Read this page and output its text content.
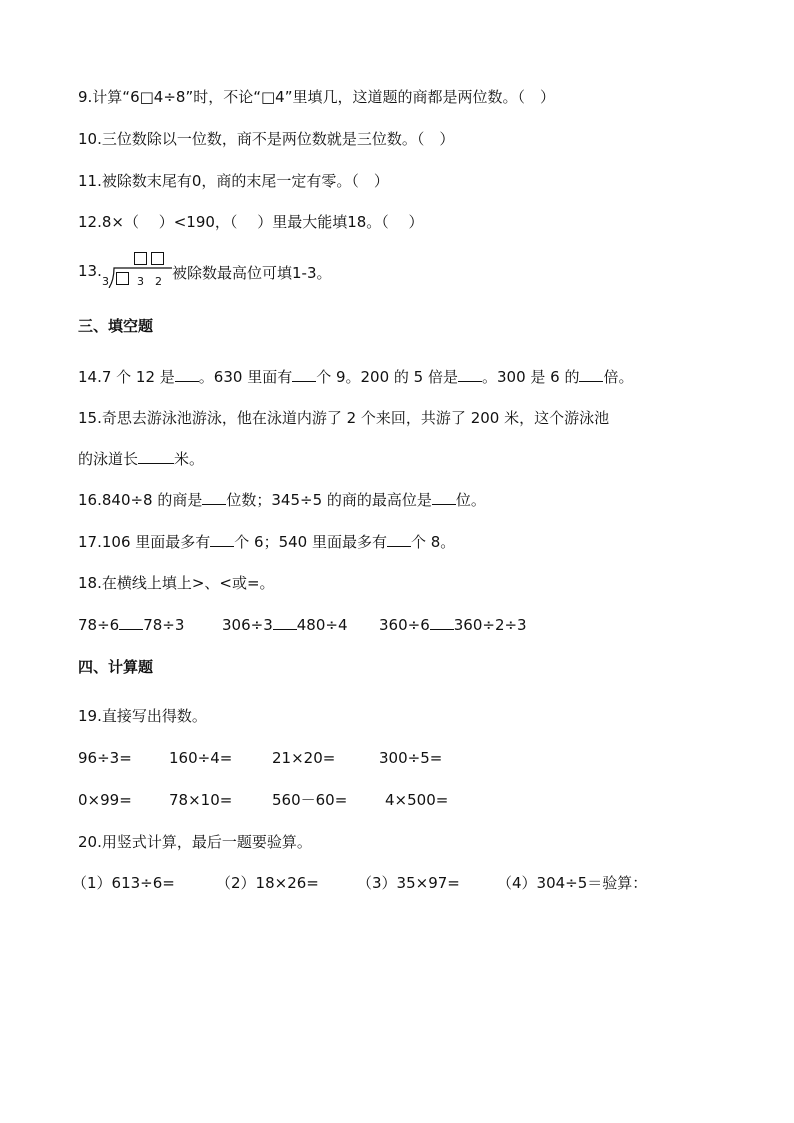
9.计算“6□4÷8”时，不论“□4”里填几，这道题的商都是两位数。（　）
10.三位数除以一位数，商不是两位数就是三位数。（　）
11.被除数末尾有0，商的末尾一定有零。（　）
12.8×（　 ）<190，（　 ）里最大能填18。（　 ）
13.
3	3 2 被除数最高位可填1-3。
三、填空题
14.7 个 12 是 。630 里面有 个 9。200 的 5 倍是 。300 是 6 的 倍。
15.奇思去游泳池游泳，他在泳道内游了 2 个来回，共游了 200 米，这个游泳池
的泳道长 米。
16.840÷8 的商是 位数；345÷5 的商的最高位是 位。
17.106 里面最多有 个 6；540 里面最多有 个 8。
18.在横线上填上>、<或=。
78÷6 78÷3	306÷3 480÷4 360÷6 360÷2÷3
四、计算题
19.直接写出得数。
96÷3= 160÷4=	21×20=	300÷5=
0×99= 78×10=	560－60=	4×500=
20.用竖式计算，最后一题要验算。
（1）613÷6=	（2）18×26=	（3）35×97= （4）304÷5＝验算：
